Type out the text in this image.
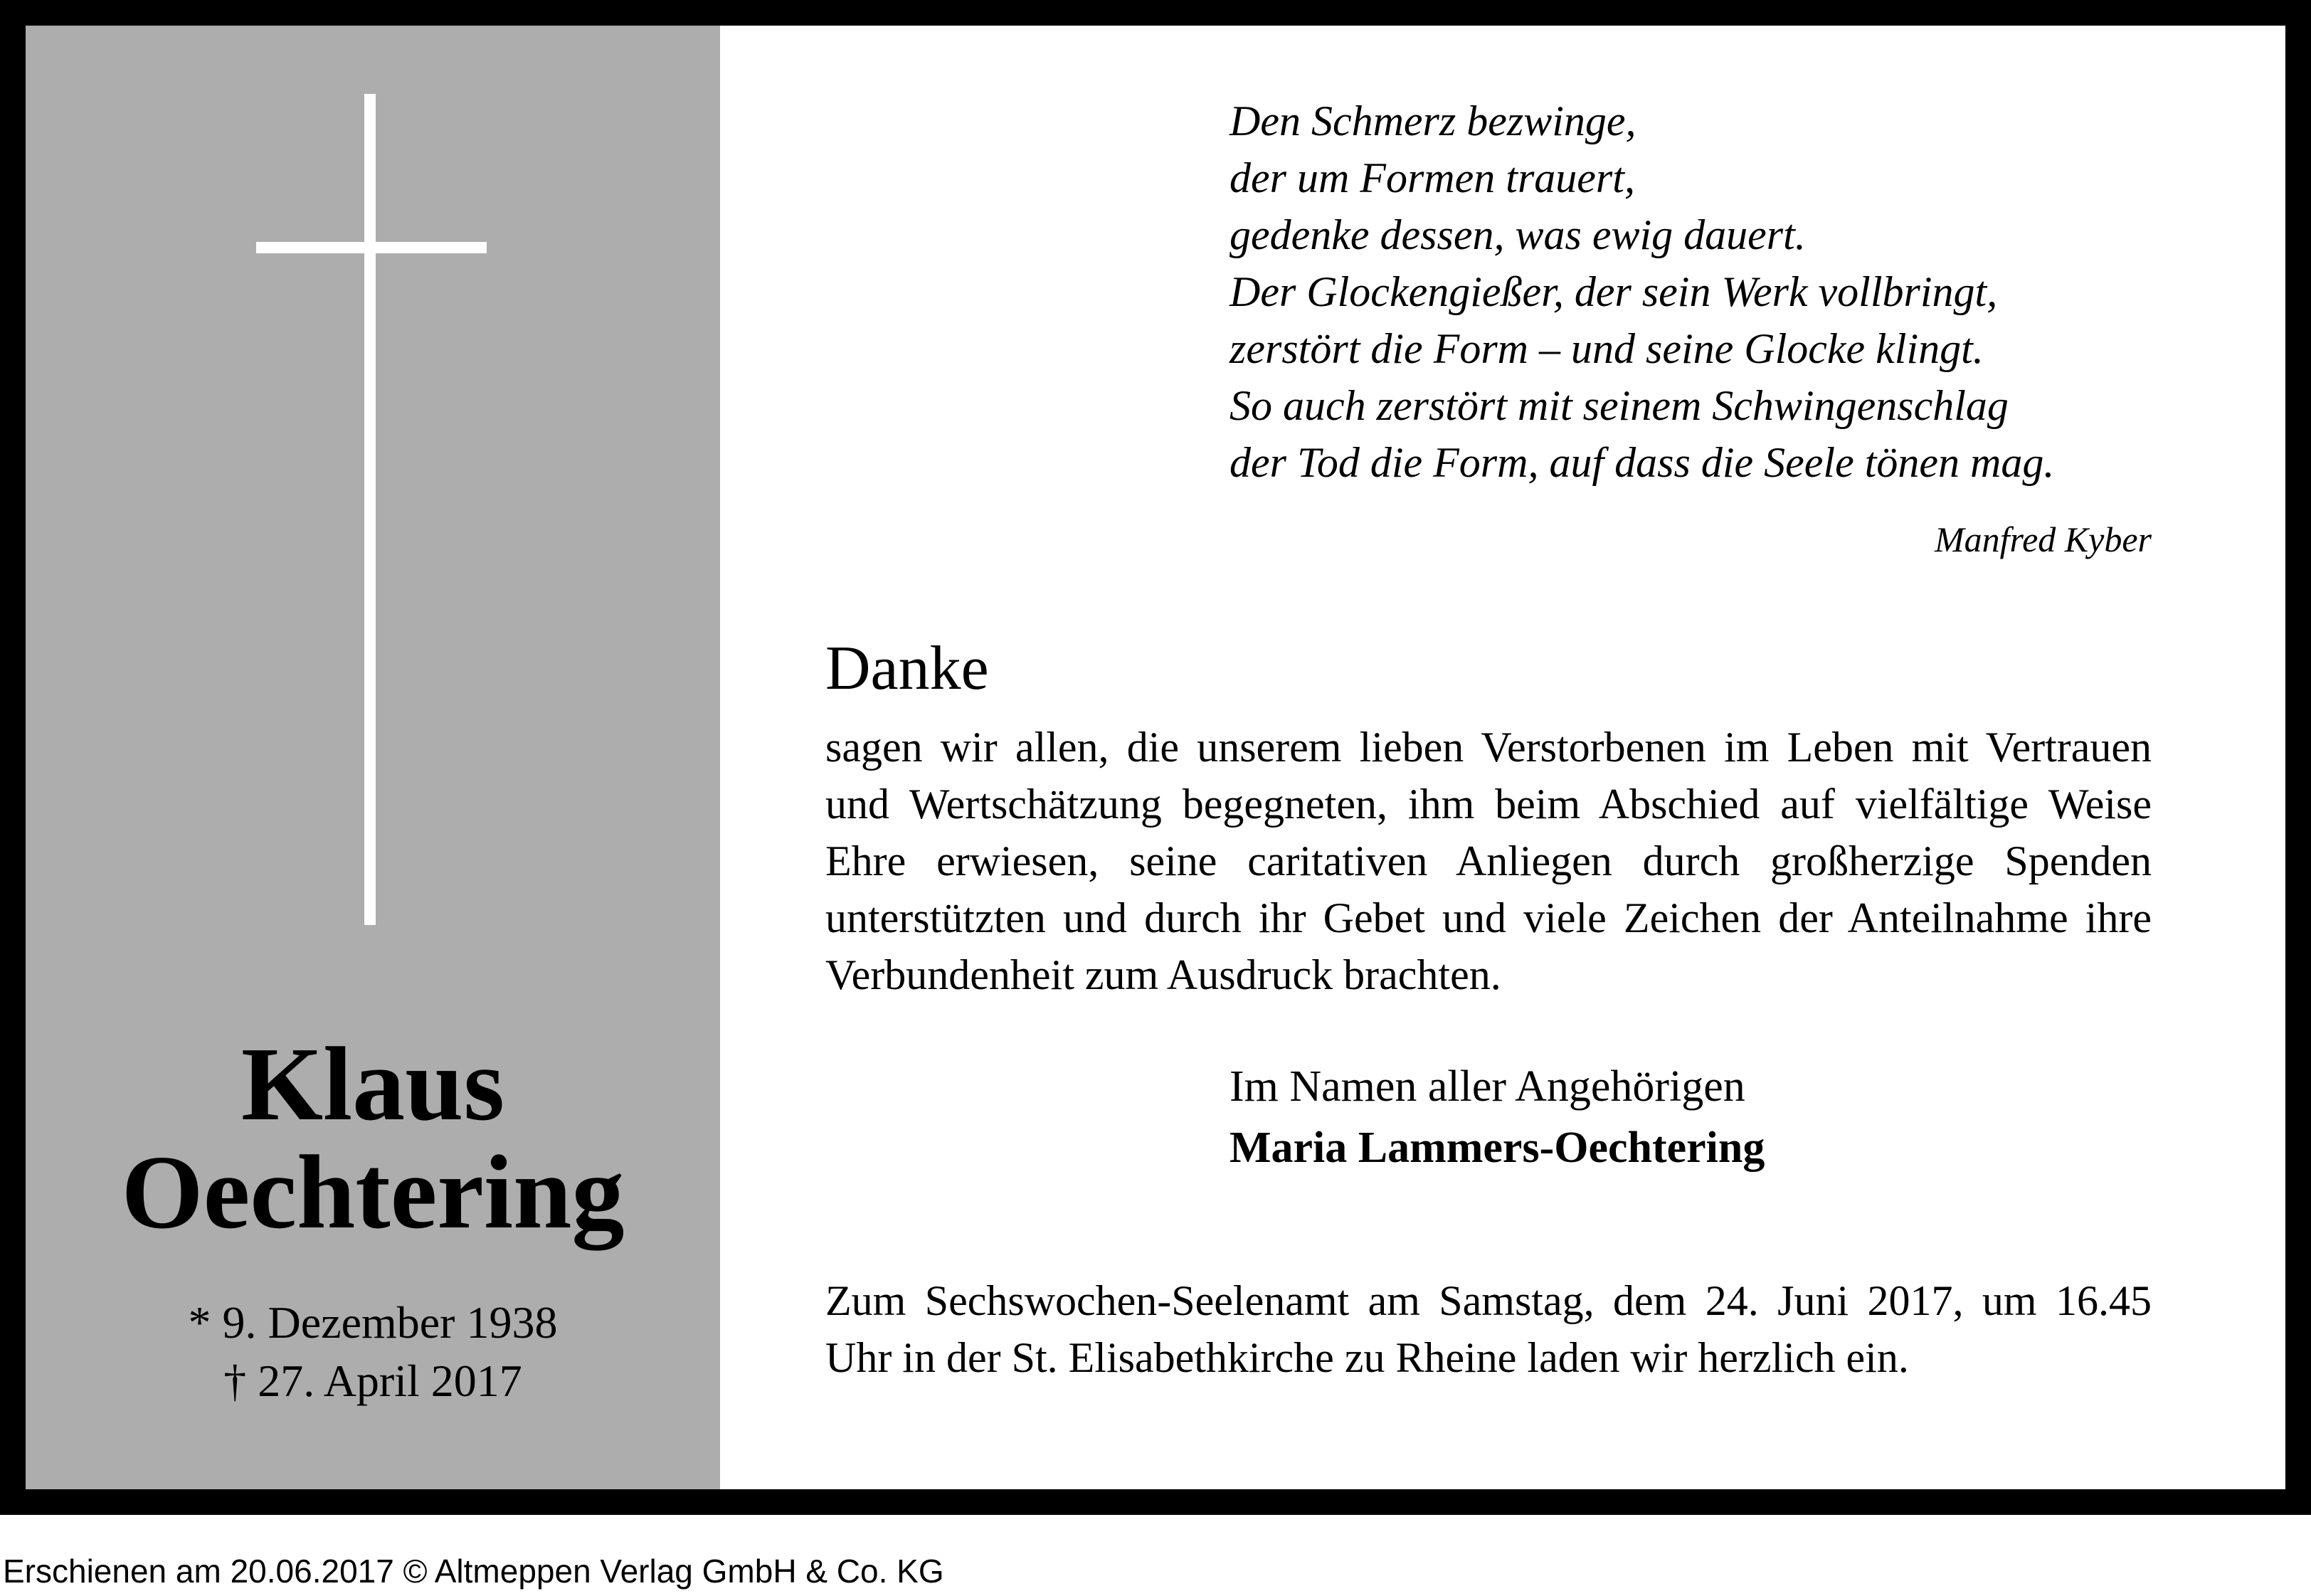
Klaus
Oechtering
* 9. Dezember 1938
† 27. April 2017
Den Schmerz bezwinge,
der um Formen trauert,
gedenke dessen, was ewig dauert.
Der Glockengießer, der sein Werk vollbringt,
zerstört die Form – und seine Glocke klingt.
So auch zerstört mit seinem Schwingenschlag
der Tod die Form, auf dass die Seele tönen mag.
Manfred Kyber
Danke
sagen wir allen, die unserem lieben Verstorbenen im Leben mit Vertrauen und Wertschätzung begegneten, ihm beim Abschied auf vielfältige Weise Ehre erwiesen, seine caritativen Anliegen durch großherzige Spenden unterstützten und durch ihr Gebet und viele Zeichen der Anteilnahme ihre Verbundenheit zum Ausdruck brachten.
Im Namen aller Angehörigen
Maria Lammers-Oechtering
Zum Sechswochen-Seelenamt am Samstag, dem 24. Juni 2017, um 16.45 Uhr in der St. Elisabethkirche zu Rheine laden wir herzlich ein.
Erschienen am 20.06.2017 © Altmeppen Verlag GmbH & Co. KG
